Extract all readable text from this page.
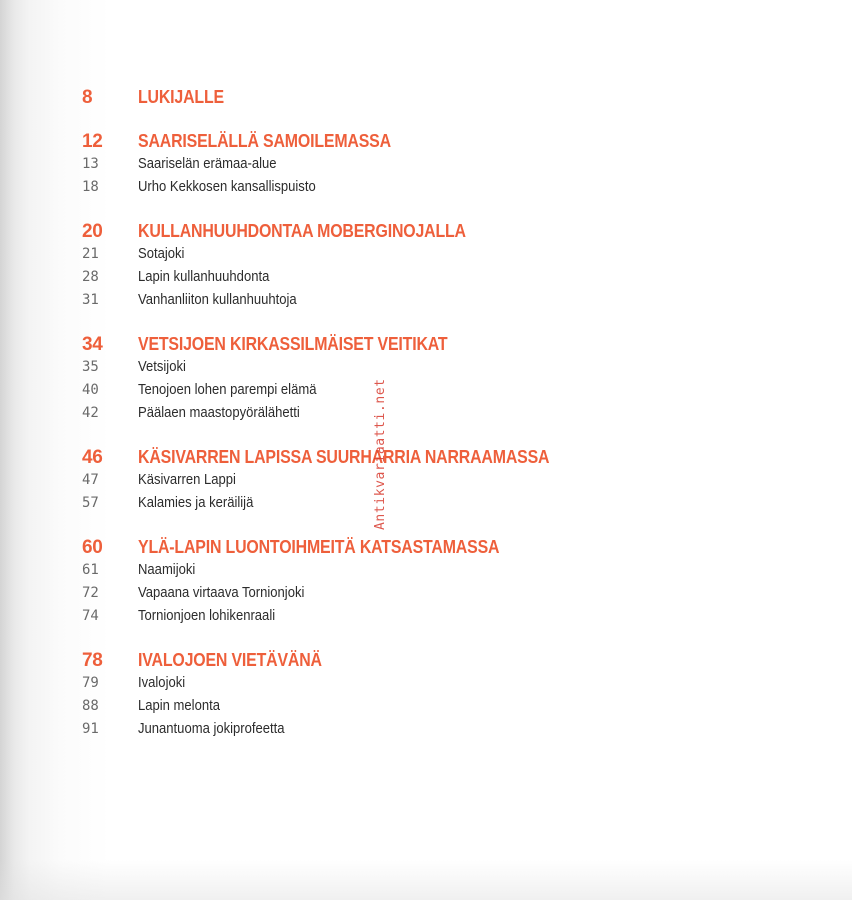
8	LUKIJALLE
12	SAARISELÄLLÄ SAMOILEMASSA
13	Saariselän erämaa-alue
18	Urho Kekkosen kansallispuisto
20	KULLANHUUHDONTAA MOBERGINOJALLA
21	Sotajoki
28	Lapin kullanhuuhdonta
31	Vanhanliiton kullanhuuhtoja
34	VETSIJOEN KIRKASSILMÄISET VEITIKAT
35	Vetsijoki
40	Tenojoen lohen parempi elämä
42	Päälaen maastopyörälähetti
46	KÄSIVARREN LAPISSA SUURHARRIA NARRAAMASSA
47	Käsivarren Lappi
57	Kalamies ja keräilijä
60	YLÄ-LAPIN LUONTOIHMEITÄ KATSASTAMASSA
61	Naamijoki
72	Vapaana virtaava Tornionjoki
74	Tornionjoen lohikenraali
78	IVALOJOEN VIETÄVÄNÄ
79	Ivalojoki
88	Lapin melonta
91	Junantuoma jokiprofeetta
Antikvariaatti.net
